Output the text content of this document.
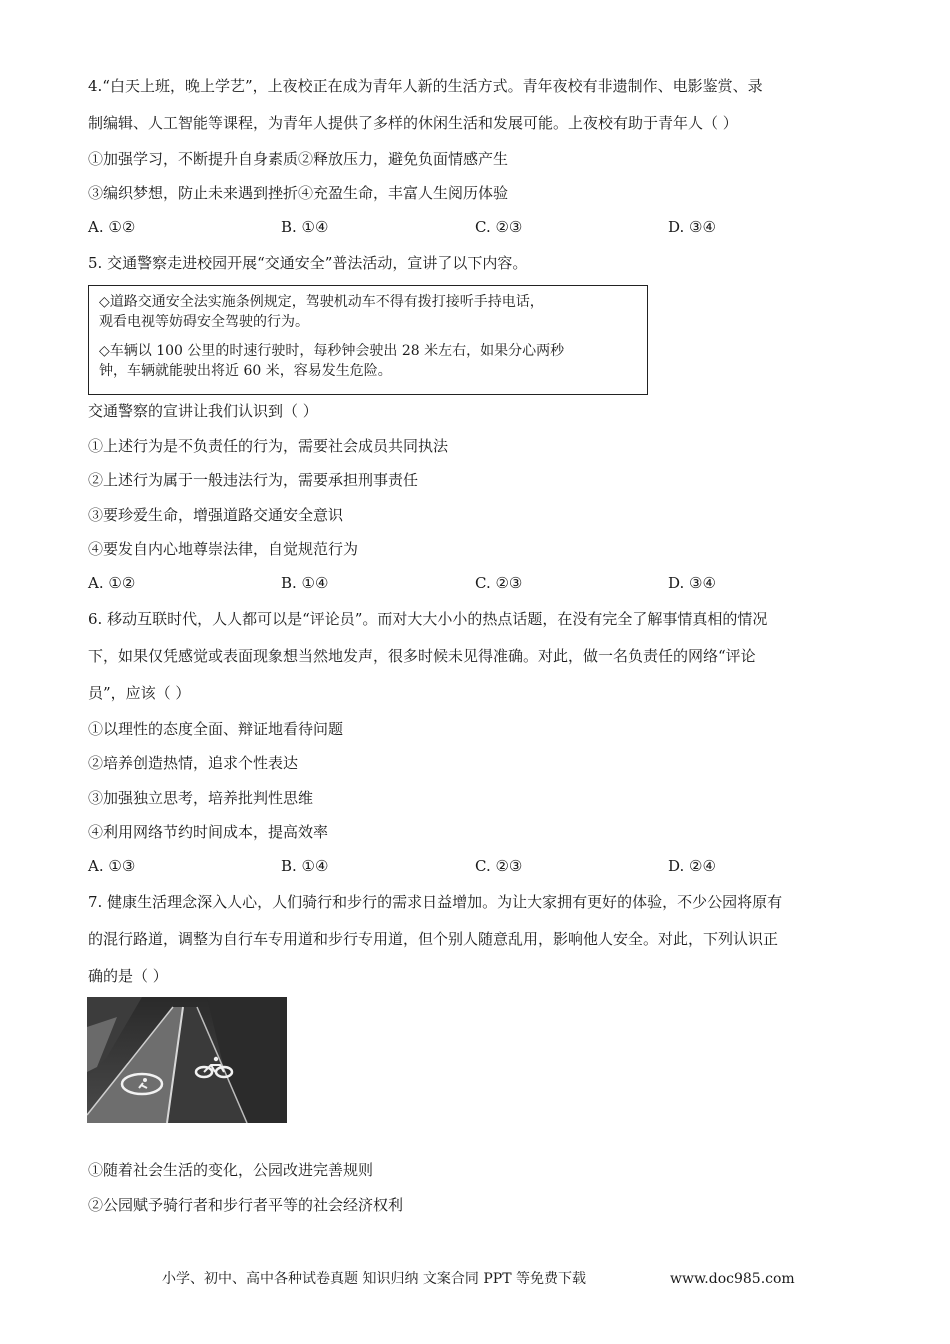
4.“白天上班，晚上学艺”，上夜校正在成为青年人新的生活方式。青年夜校有非遗制作、电影鉴赏、录
制编辑、人工智能等课程，为青年人提供了多样的休闲生活和发展可能。上夜校有助于青年人（ ）
①加强学习，不断提升自身素质②释放压力，避免负面情感产生
③编织梦想，防止未来遇到挫折④充盈生命，丰富人生阅历体验
A. ①②	B. ①④	C. ②③	D. ③④
5. 交通警察走进校园开展“交通安全”普法活动，宣讲了以下内容。
◇道路交通安全法实施条例规定，驾驶机动车不得有拨打接听手持电话，
观看电视等妨碍安全驾驶的行为。
◇车辆以 100 公里的时速行驶时，每秒钟会驶出 28 米左右，如果分心两秒
钟，车辆就能驶出将近 60 米，容易发生危险。
交通警察的宣讲让我们认识到（ ）
①上述行为是不负责任的行为，需要社会成员共同执法
②上述行为属于一般违法行为，需要承担刑事责任
③要珍爱生命，增强道路交通安全意识
④要发自内心地尊崇法律，自觉规范行为
A. ①②	B. ①④	C. ②③	D. ③④
6. 移动互联时代，人人都可以是“评论员”。而对大大小小的热点话题，在没有完全了解事情真相的情况
下，如果仅凭感觉或表面现象想当然地发声，很多时候未见得准确。对此，做一名负责任的网络“评论
员”，应该（ ）
①以理性的态度全面、辩证地看待问题
②培养创造热情，追求个性表达
③加强独立思考，培养批判性思维
④利用网络节约时间成本，提高效率
A. ①③	B. ①④	C. ②③	D. ②④
7. 健康生活理念深入人心，人们骑行和步行的需求日益增加。为让大家拥有更好的体验，不少公园将原有
的混行路道，调整为自行车专用道和步行专用道，但个别人随意乱用，影响他人安全。对此，下列认识正
确的是（ ）
①随着社会生活的变化，公园改进完善规则
②公园赋予骑行者和步行者平等的社会经济权利
小学、初中、高中各种试卷真题 知识归纳 文案合同 PPT 等免费下载	www.doc985.com
